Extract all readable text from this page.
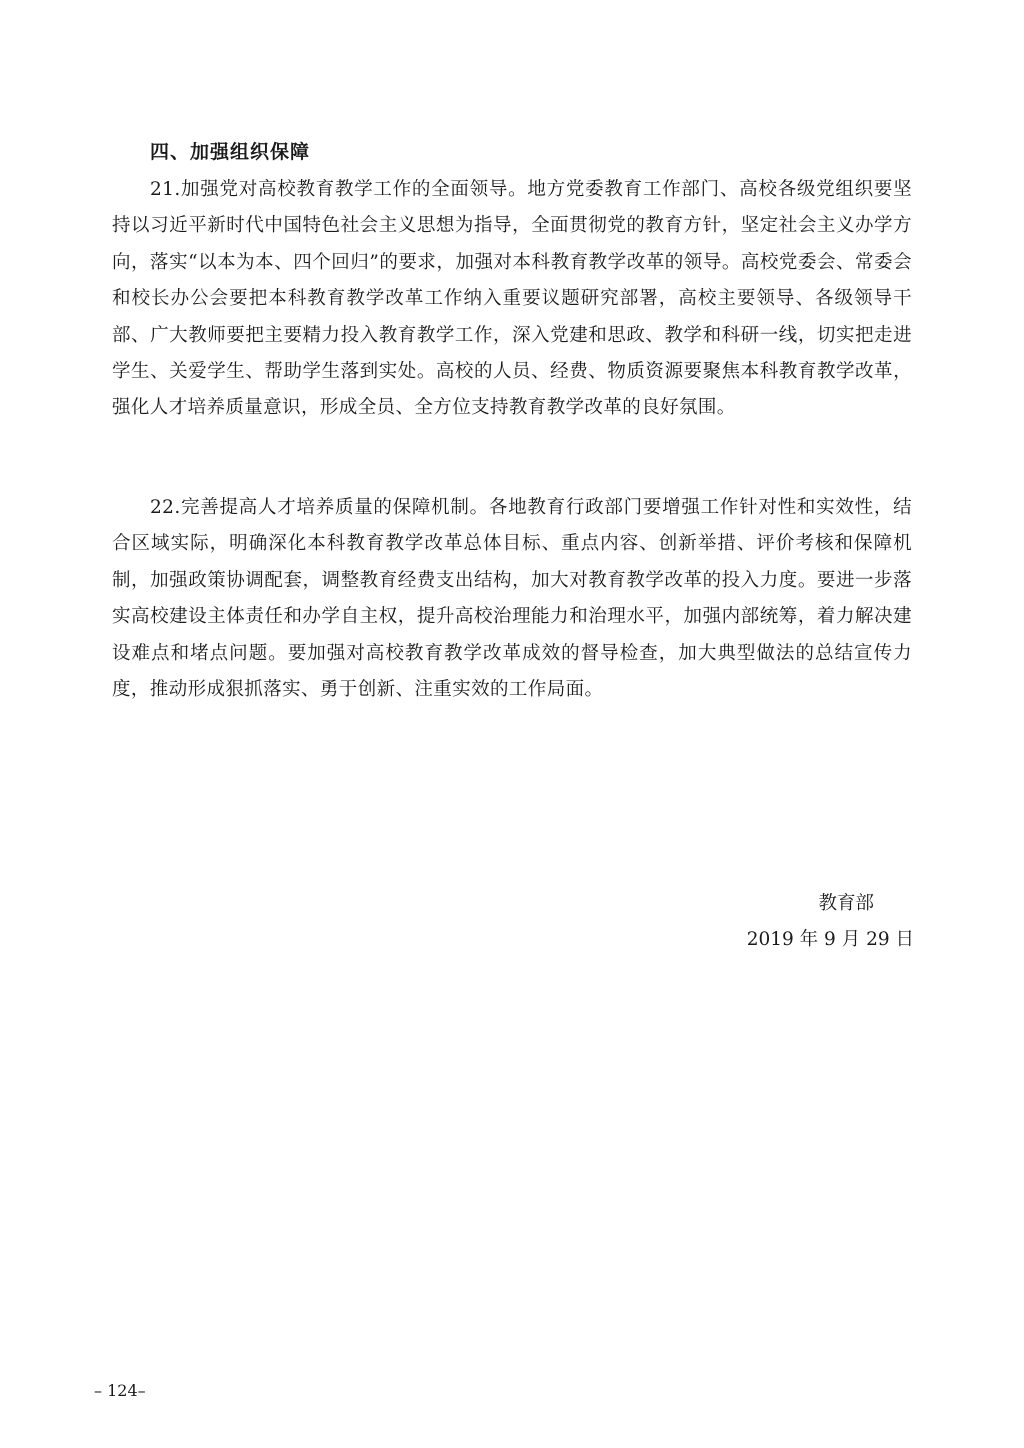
四、加强组织保障

21.加强党对高校教育教学工作的全面领导。地方党委教育工作部门、高校各级党组织要坚持以习近平新时代中国特色社会主义思想为指导，全面贯彻党的教育方针，坚定社会主义办学方向，落实“以本为本、四个回归”的要求，加强对本科教育教学改革的领导。高校党委会、常委会和校长办公会要把本科教育教学改革工作纳入重要议题研究部署，高校主要领导、各级领导干部、广大教师要把主要精力投入教育教学工作，深入党建和思政、教学和科研一线，切实把走进学生、关爱学生、帮助学生落到实处。高校的人员、经费、物质资源要聚焦本科教育教学改革，强化人才培养质量意识，形成全员、全方位支持教育教学改革的良好氛围。

22.完善提高人才培养质量的保障机制。各地教育行政部门要增强工作针对性和实效性，结合区域实际，明确深化本科教育教学改革总体目标、重点内容、创新举措、评价考核和保障机制，加强政策协调配套，调整教育经费支出结构，加大对教育教学改革的投入力度。要进一步落实高校建设主体责任和办学自主权，提升高校治理能力和治理水平，加强内部统筹，着力解决建设难点和堵点问题。要加强对高校教育教学改革成效的督导检查，加大典型做法的总结宣传力度，推动形成狠抓落实、勇于创新、注重实效的工作局面。

教育部
2019 年 9 月 29 日
– 124–
